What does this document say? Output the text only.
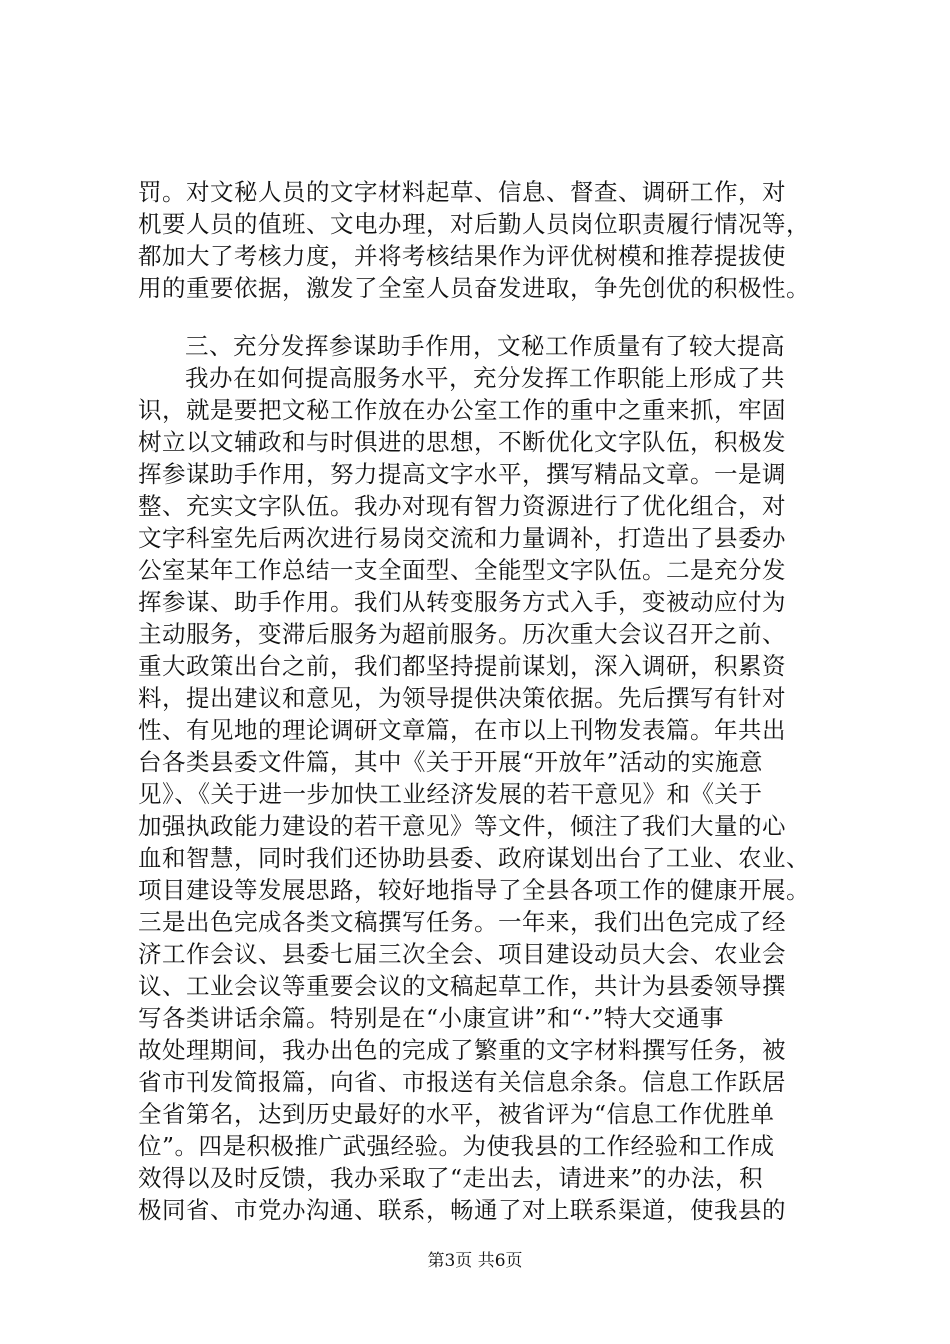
罚。对文秘人员的文字材料起草、信息、督查、调研工作，对
机要人员的值班、文电办理，对后勤人员岗位职责履行情况等，
都加大了考核力度，并将考核结果作为评优树模和推荐提拔使
用的重要依据，激发了全室人员奋发进取，争先创优的积极性。
三、充分发挥参谋助手作用，文秘工作质量有了较大提高
我办在如何提高服务水平，充分发挥工作职能上形成了共
识，就是要把文秘工作放在办公室工作的重中之重来抓，牢固
树立以文辅政和与时俱进的思想，不断优化文字队伍，积极发
挥参谋助手作用，努力提高文字水平，撰写精品文章。一是调
整、充实文字队伍。我办对现有智力资源进行了优化组合，对
文字科室先后两次进行易岗交流和力量调补，打造出了县委办
公室某年工作总结一支全面型、全能型文字队伍。二是充分发
挥参谋、助手作用。我们从转变服务方式入手，变被动应付为
主动服务，变滞后服务为超前服务。历次重大会议召开之前、
重大政策出台之前，我们都坚持提前谋划，深入调研，积累资
料，提出建议和意见，为领导提供决策依据。先后撰写有针对
性、有见地的理论调研文章篇，在市以上刊物发表篇。年共出
台各类县委文件篇，其中《关于开展“开放年”活动的实施意
见》、《关于进一步加快工业经济发展的若干意见》和《关于
加强执政能力建设的若干意见》等文件，倾注了我们大量的心
血和智慧，同时我们还协助县委、政府谋划出台了工业、农业、
项目建设等发展思路，较好地指导了全县各项工作的健康开展。
三是出色完成各类文稿撰写任务。一年来，我们出色完成了经
济工作会议、县委七届三次全会、项目建设动员大会、农业会
议、工业会议等重要会议的文稿起草工作，共计为县委领导撰
写各类讲话余篇。特别是在“小康宣讲”和“·”特大交通事
故处理期间，我办出色的完成了繁重的文字材料撰写任务，被
省市刊发简报篇，向省、市报送有关信息余条。信息工作跃居
全省第名，达到历史最好的水平，被省评为“信息工作优胜单
位”。四是积极推广武强经验。为使我县的工作经验和工作成
效得以及时反馈，我办采取了“走出去，请进来”的办法，积
极同省、市党办沟通、联系，畅通了对上联系渠道，使我县的
第3页 共6页
